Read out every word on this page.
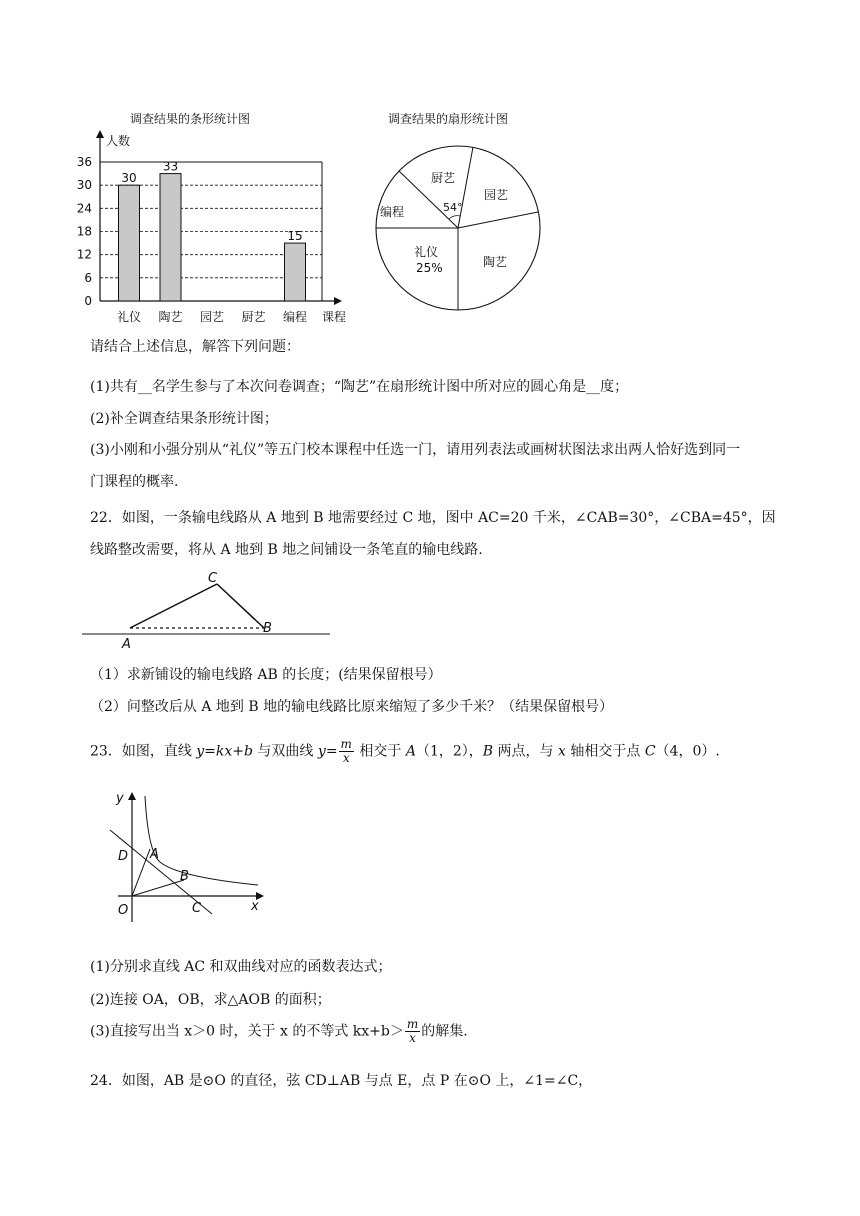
调查结果的条形统计图
0
6
12
18
24
30
36
30
33
15
礼仪 陶艺 园艺 厨艺 编程
人数
课程
调查结果的扇形统计图
厨艺
园艺
54°
编程
礼仪
25%	陶艺
请结合上述信息，解答下列问题：
(1)共有__名学生参与了本次问卷调查；“陶艺”在扇形统计图中所对应的圆心角是__度；
(2)补全调查结果条形统计图；
(3)小刚和小强分别从“礼仪”等五门校本课程中任选一门，请用列表法或画树状图法求出两人恰好选到同一
门课程的概率.
22．如图，一条输电线路从 A 地到 B 地需要经过 C 地，图中 AC=20 千米，∠CAB=30°，∠CBA=45°，因
线路整改需要，将从 A 地到 B 地之间铺设一条笔直的输电线路.
A
B
C
（1）求新铺设的输电线路 AB 的长度；(结果保留根号）
（2）问整改后从 A 地到 B 地的输电线路比原来缩短了多少千米？（结果保留根号）
23．如图，直线 y=kx+b 与双曲线 $y= \frac{m}{x}$ 相交于 A（1，2），B 两点，与 x 轴相交于点 C（4，0）.
y
x
O
D A
B
C
(1)分别求直线 AC 和双曲线对应的函数表达式；
(2)连接 OA，OB，求△AOB 的面积；
(3)直接写出当 x＞0 时，关于 x 的不等式 $kx+b> \frac{m}{x}$ 的解集.
24．如图，AB 是⊙O 的直径，弦 CD⊥AB 与点 E，点 P 在⊙O 上，∠1=∠C，
